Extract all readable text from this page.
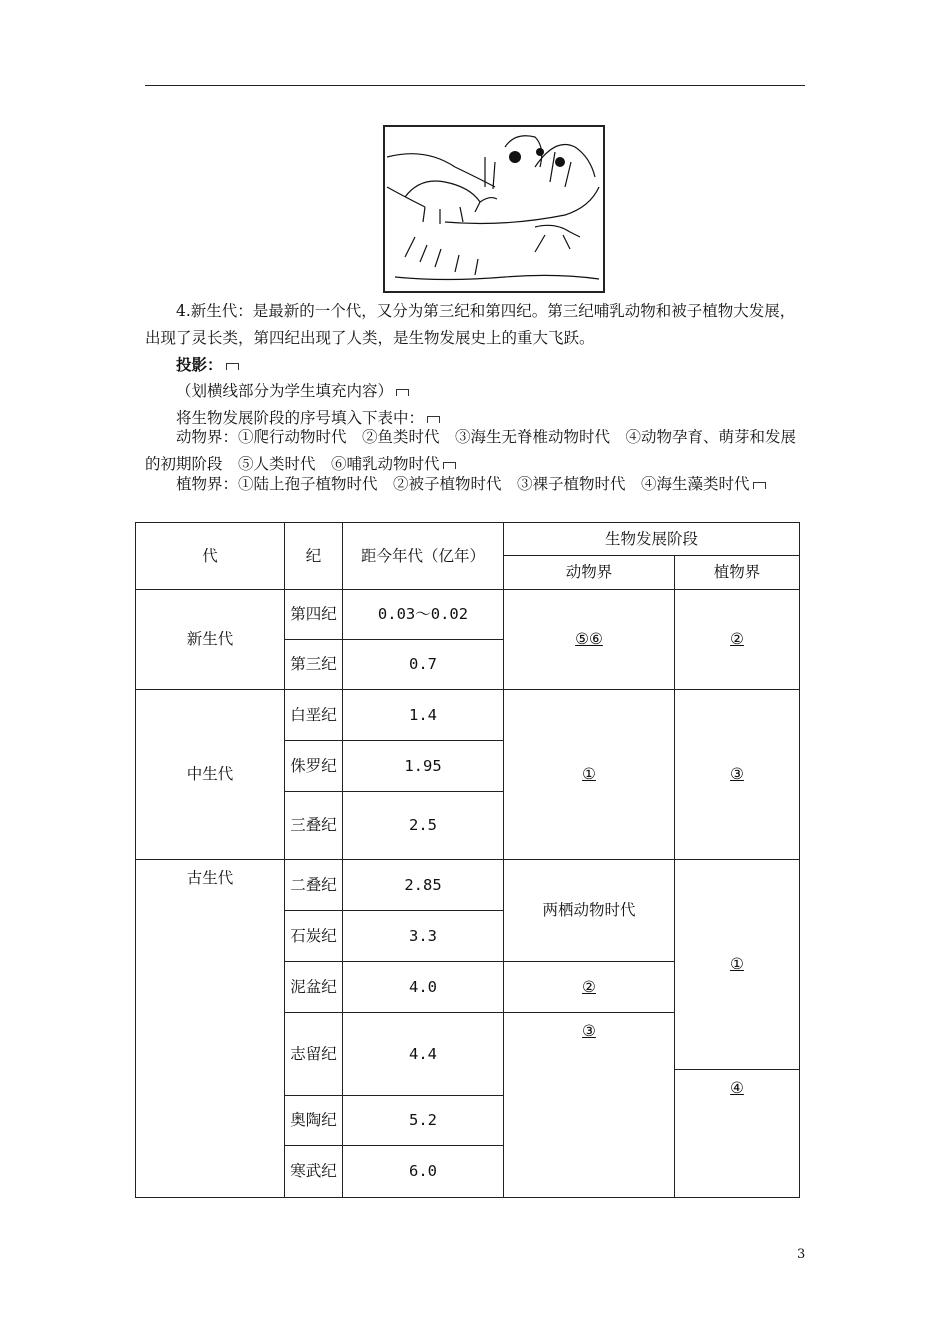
4.新生代：是最新的一个代，又分为第三纪和第四纪。第三纪哺乳动物和被子植物大发展，出现了灵长类，第四纪出现了人类，是生物发展史上的重大飞跃。
投影：
（划横线部分为学生填充内容）
将生物发展阶段的序号填入下表中：
动物界：①爬行动物时代　②鱼类时代　③海生无脊椎动物时代　④动物孕育、萌芽和发展的初期阶段　⑤人类时代　⑥哺乳动物时代
植物界：①陆上孢子植物时代　②被子植物时代　③裸子植物时代　④海生藻类时代
代	纪	距今年代（亿年）	生物发展阶段	
			动物界	植物界
新生代	第四纪	0.03～0.02	⑤⑥	②
	第三纪	0.7		
中生代	白垩纪	1.4	①	③
	侏罗纪	1.95		
	三叠纪	2.5		
古生代	二叠纪	2.85	两栖动物时代	①
	石炭纪	3.3		
	泥盆纪	4.0	②	
	志留纪	4.4	③	
				④
	奥陶纪	5.2		
	寒武纪	6.0		
3
